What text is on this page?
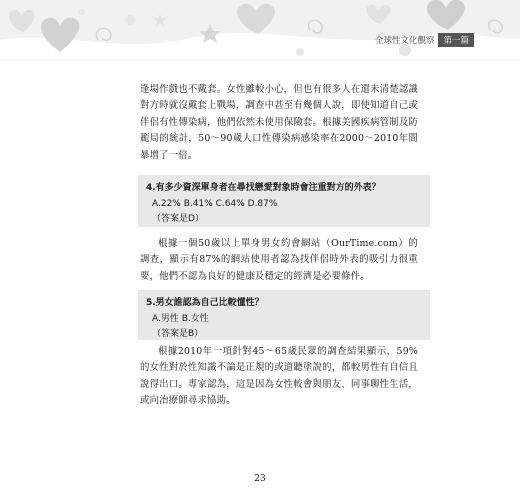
全球性文化觀察	第一篇

逢場作戲也不戴套。女性雖較小心，但也有很多人在還未清楚認識對方時就沒戴套上戰場，調查中甚至有幾個人說，即使知道自己或伴侶有性傳染病，他們依然未使用保險套。根據美國疾病管制及防範局的統計，50～90歲人口性傳染病感染率在2000～2010年間暴增了一倍。

4.有多少資深單身者在尋找戀愛對象時會注重對方的外表？
A.22% B.41% C.64% D.87%
（答案是D）

根據一個50歲以上單身男女約會網站（OurTime.com）的調查，顯示有87%的網站使用者認為找伴侶時外表的吸引力很重要，他們不認為良好的健康及穩定的經濟是必要條件。

5.男女誰認為自己比較懂性？
A.男性 B.女性
（答案是B）

根據2010年一項針對45～65歲民眾的調查結果顯示，59%的女性對於性知識不論是正規的或道聽塗說的，都較男性有自信且說得出口。專家認為，這是因為女性較會與朋友、同事聊性生活，或向治療師尋求協助。

23
